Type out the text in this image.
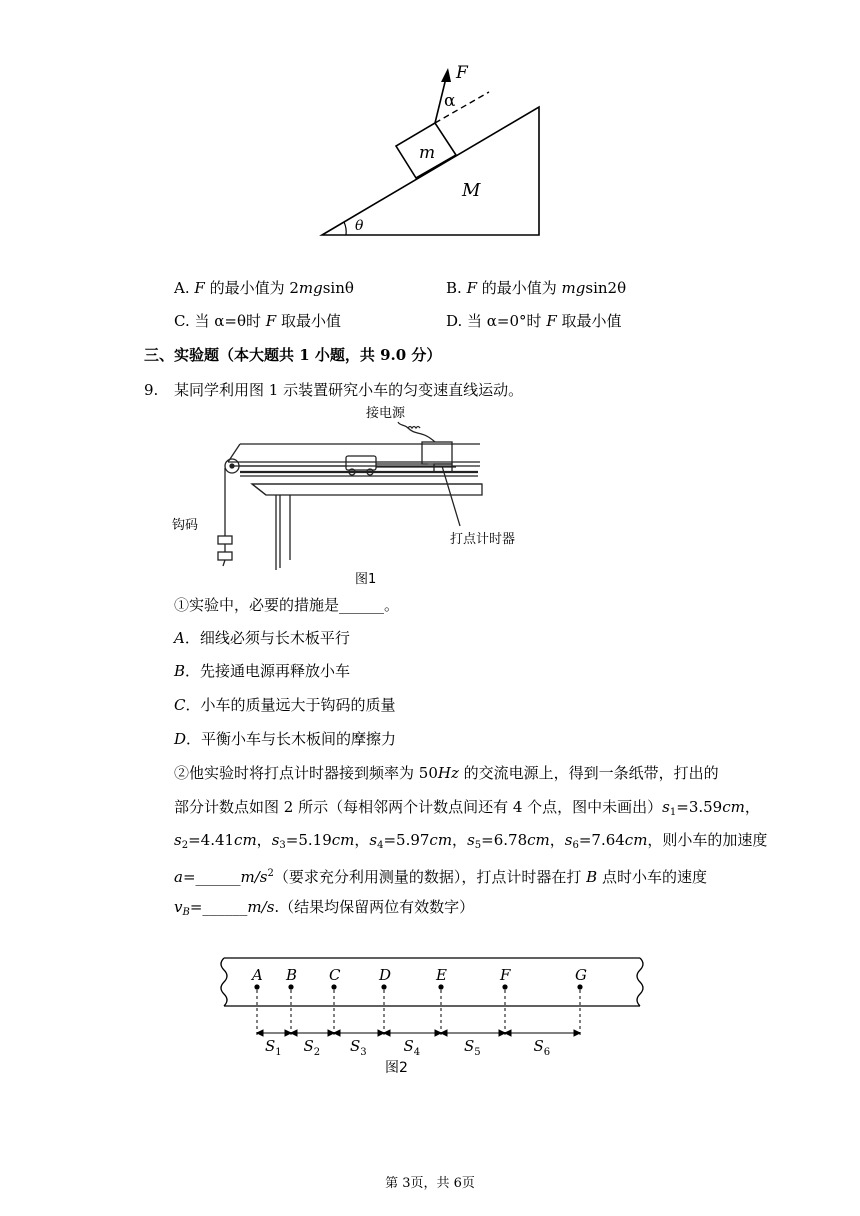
F
α
m
M
θ
A. F 的最小值为 2mgsinθ	B. F 的最小值为 mgsin2θ
C. 当 α=θ时 F 取最小值	D. 当 α=0°时 F 取最小值
三、实验题（本大题共 1 小题，共 9.0 分）
9. 某同学利用图 1 示装置研究小车的匀变速直线运动。
接电源
钩码
打点计时器
图1
①实验中，必要的措施是______。
A．细线必须与长木板平行
B．先接通电源再释放小车
C．小车的质量远大于钩码的质量
D．平衡小车与长木板间的摩擦力
②他实验时将打点计时器接到频率为 50Hz 的交流电源上，得到一条纸带，打出的
部分计数点如图 2 所示（每相邻两个计数点间还有 4 个点，图中未画出）$s_1=3.59cm$，
$s_2=4.41cm$，$s_3=5.19cm$，$s_4=5.97cm$，$s_5=6.78cm$，$s_6=7.64cm$，则小车的加速度
$a=\_\_\_\_\_\_m/s^2$（要求充分利用测量的数据），打点计时器在打 B 点时小车的速度
$v_B=\_\_\_\_\_\_m/s$.（结果均保留两位有效数字）
A B C	D	E	F	G
$S_1$ $S_2$ $S_3$ $S_4$	$S_5$	$S_6$
图2
第 3页，共 6页
